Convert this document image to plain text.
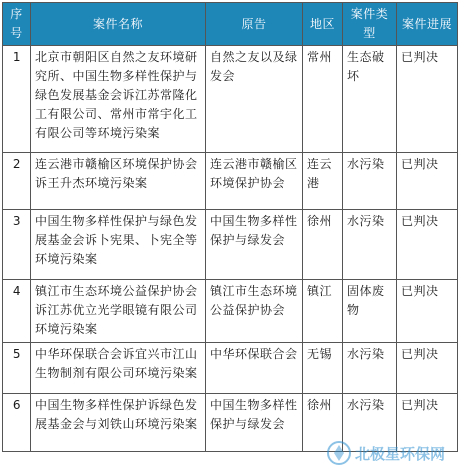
序号	案件名称	原告	地区	案件类型	案件进展
1	北京市朝阳区自然之友环境研究所、中国生物多样性保护与绿色发展基金会诉江苏常隆化工有限公司、常州市常宇化工有限公司等环境污染案	自然之友以及绿发会	常州	生态破坏	已判决
2	连云港市赣榆区环境保护协会诉王升杰环境污染案	连云港市赣榆区环境保护协会	连云港	水污染	已判决
3	中国生物多样性保护与绿色发展基金会诉卜宪果、卜宪全等环境污染案	中国生物多样性保护与绿发会	徐州	水污染	已判决
4	镇江市生态环境公益保护协会诉江苏优立光学眼镜有限公司环境污染案	镇江市生态环境公益保护协会	镇江	固体废物	已判决
5	中华环保联合会诉宜兴市江山生物制剂有限公司环境污染案	中华环保联合会	无锡	水污染	已判决
6	中国生物多样性保护诉绿色发展基金会与刘铁山环境污染案	中国生物多样性保护与绿发会	徐州	水污染	已判决
北极星环保网
